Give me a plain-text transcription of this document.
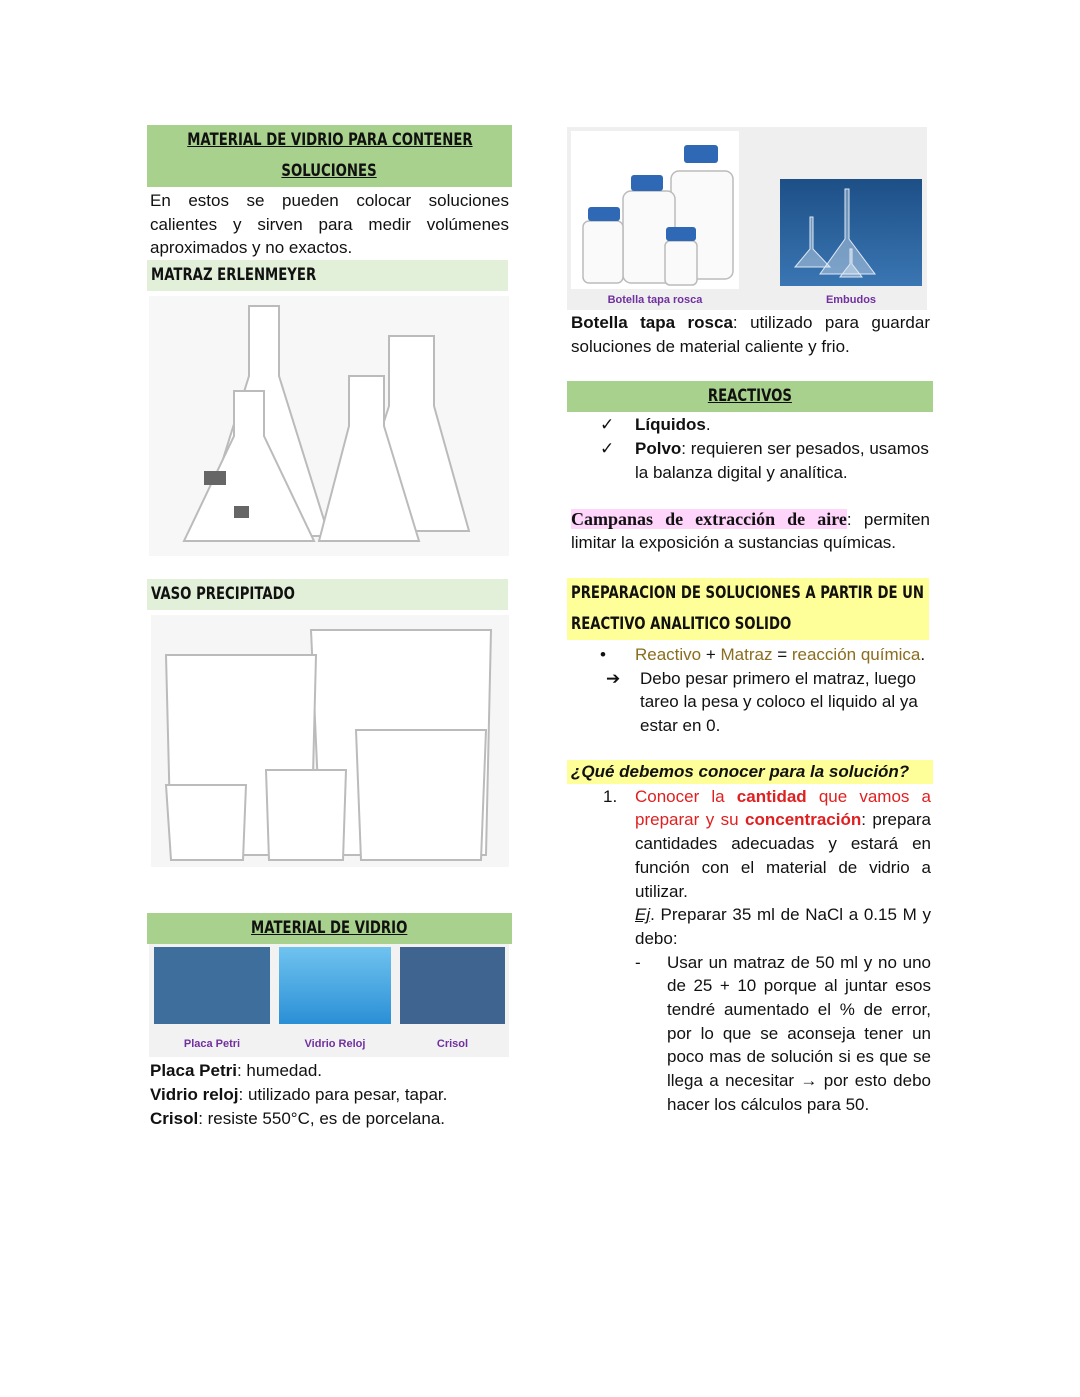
MATERIAL DE VIDRIO PARA CONTENER
SOLUCIONES
En estos se pueden colocar soluciones calientes y sirven para medir volúmenes aproximados y no exactos.
MATRAZ ERLENMEYER
VASO PRECIPITADO
MATERIAL DE VIDRIO
Placa Petri	Vidrio Reloj	Crisol
Placa Petri: humedad.
Vidrio reloj: utilizado para pesar, tapar.
Crisol: resiste 550°C, es de porcelana.
Botella tapa rosca	Embudos
Botella tapa rosca: utilizado para guardar soluciones de material caliente y frio.
REACTIVOS
✓	Líquidos.
✓	Polvo: requieren ser pesados, usamos la balanza digital y analítica.
Campanas de extracción de aire: permiten limitar la exposición a sustancias químicas.
PREPARACION DE SOLUCIONES A PARTIR DE UN
REACTIVO ANALITICO SOLIDO
•	Reactivo + Matraz = reacción química.
➔	Debo pesar primero el matraz, luego tareo la pesa y coloco el liquido al ya estar en 0.
¿Qué debemos conocer para la solución?
1.	Conocer la cantidad que vamos a preparar y su concentración: prepara cantidades adecuadas y estará en función con el material de vidrio a utilizar.
Ej. Preparar 35 ml de NaCl a 0.15 M y debo:
-	Usar un matraz de 50 ml y no uno de 25 + 10 porque al juntar esos tendré aumentado el % de error, por lo que se aconseja tener un poco mas de solución si es que se llega a necesitar → por esto debo hacer los cálculos para 50.
